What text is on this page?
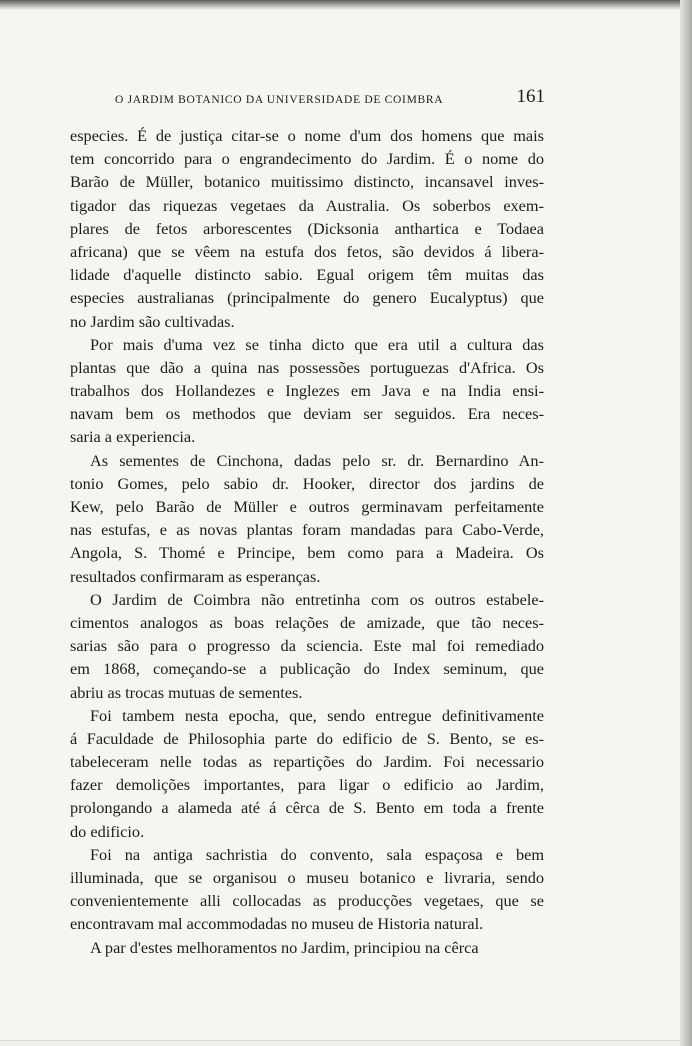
O JARDIM BOTANICO DA UNIVERSIDADE DE COIMBRA	161
especies. É de justiça citar-se o nome d'um dos homens que mais
tem concorrido para o engrandecimento do Jardim. É o nome do
Barão de Müller, botanico muitissimo distincto, incansavel inves-
tigador das riquezas vegetaes da Australia. Os soberbos exem-
plares de fetos arborescentes (Dicksonia anthartica e Todaea
africana) que se vêem na estufa dos fetos, são devidos á libera-
lidade d'aquelle distincto sabio. Egual origem têm muitas das
especies australianas (principalmente do genero Eucalyptus) que
no Jardim são cultivadas.
Por mais d'uma vez se tinha dicto que era util a cultura das
plantas que dão a quina nas possessões portuguezas d'Africa. Os
trabalhos dos Hollandezes e Inglezes em Java e na India ensi-
navam bem os methodos que deviam ser seguidos. Era neces-
saria a experiencia.
As sementes de Cinchona, dadas pelo sr. dr. Bernardino An-
tonio Gomes, pelo sabio dr. Hooker, director dos jardins de
Kew, pelo Barão de Müller e outros germinavam perfeitamente
nas estufas, e as novas plantas foram mandadas para Cabo-Verde,
Angola, S. Thomé e Principe, bem como para a Madeira. Os
resultados confirmaram as esperanças.
O Jardim de Coimbra não entretinha com os outros estabele-
cimentos analogos as boas relações de amizade, que tão neces-
sarias são para o progresso da sciencia. Este mal foi remediado
em 1868, começando-se a publicação do Index seminum, que
abriu as trocas mutuas de sementes.
Foi tambem nesta epocha, que, sendo entregue definitivamente
á Faculdade de Philosophia parte do edificio de S. Bento, se es-
tabeleceram nelle todas as repartições do Jardim. Foi necessario
fazer demolições importantes, para ligar o edificio ao Jardim,
prolongando a alameda até á cêrca de S. Bento em toda a frente
do edificio.
Foi na antiga sachristia do convento, sala espaçosa e bem
illuminada, que se organisou o museu botanico e livraria, sendo
convenientemente alli collocadas as producções vegetaes, que se
encontravam mal accommodadas no museu de Historia natural.
A par d'estes melhoramentos no Jardim, principiou na cêrca
